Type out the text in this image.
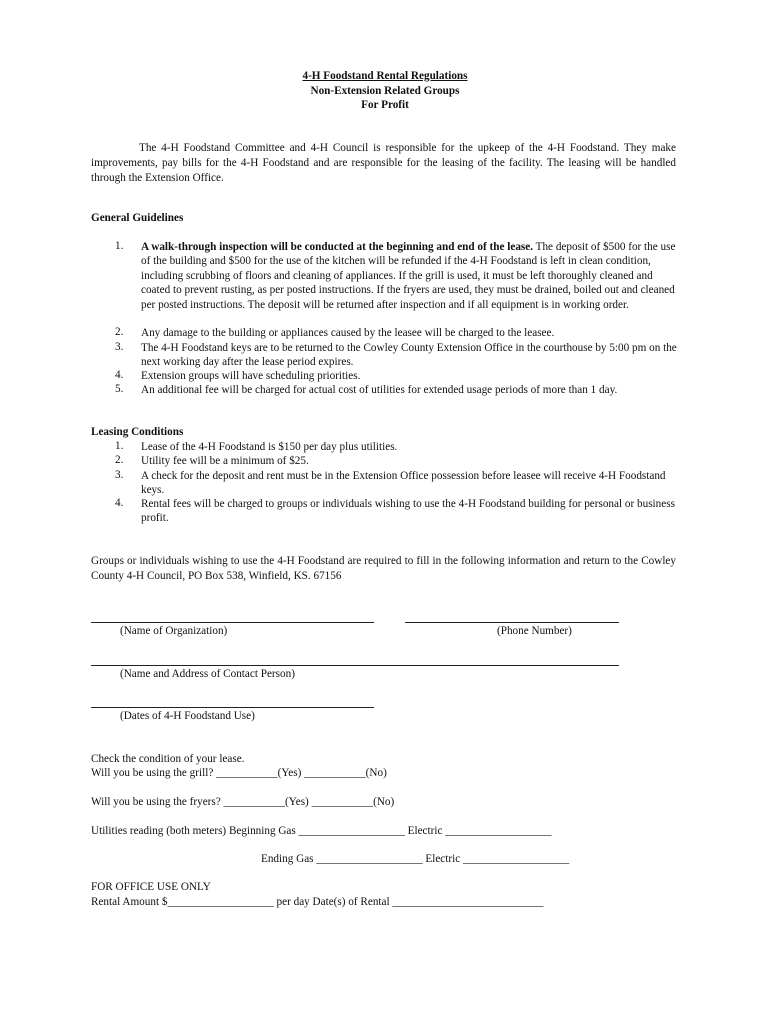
4-H Foodstand Rental Regulations
Non-Extension Related Groups
For Profit
The 4-H Foodstand Committee and 4-H Council is responsible for the upkeep of the 4-H Foodstand. They make improvements, pay bills for the 4-H Foodstand and are responsible for the leasing of the facility. The leasing will be handled through the Extension Office.
General Guidelines
1.	A walk-through inspection will be conducted at the beginning and end of the lease. The deposit of $500 for the use of the building and $500 for the use of the kitchen will be refunded if the 4-H Foodstand is left in clean condition, including scrubbing of floors and cleaning of appliances. If the grill is used, it must be left thoroughly cleaned and coated to prevent rusting, as per posted instructions. If the fryers are used, they must be drained, boiled out and cleaned per posted instructions. The deposit will be returned after inspection and if all equipment is in working order.
2.	Any damage to the building or appliances caused by the leasee will be charged to the leasee.
3.	The 4-H Foodstand keys are to be returned to the Cowley County Extension Office in the courthouse by 5:00 pm on the next working day after the lease period expires.
4.	Extension groups will have scheduling priorities.
5.	An additional fee will be charged for actual cost of utilities for extended usage periods of more than 1 day.
Leasing Conditions
1.	Lease of the 4-H Foodstand is $150 per day plus utilities.
2.	Utility fee will be a minimum of $25.
3.	A check for the deposit and rent must be in the Extension Office possession before leasee will receive 4-H Foodstand keys.
4.	Rental fees will be charged to groups or individuals wishing to use the 4-H Foodstand building for personal or business profit.
Groups or individuals wishing to use the 4-H Foodstand are required to fill in the following information and return to the Cowley County 4-H Council, PO Box 538, Winfield, KS. 67156
(Name of Organization)	(Phone Number)
(Name and Address of Contact Person)
(Dates of 4-H Foodstand Use)
Check the condition of your lease.
Will you be using the grill? ___________(Yes) ___________(No)
Will you be using the fryers? ___________(Yes) ___________(No)
Utilities reading (both meters) Beginning Gas ___________________ Electric ___________________
Ending Gas ___________________ Electric ___________________
FOR OFFICE USE ONLY
Rental Amount $___________________ per day Date(s) of Rental ___________________________
